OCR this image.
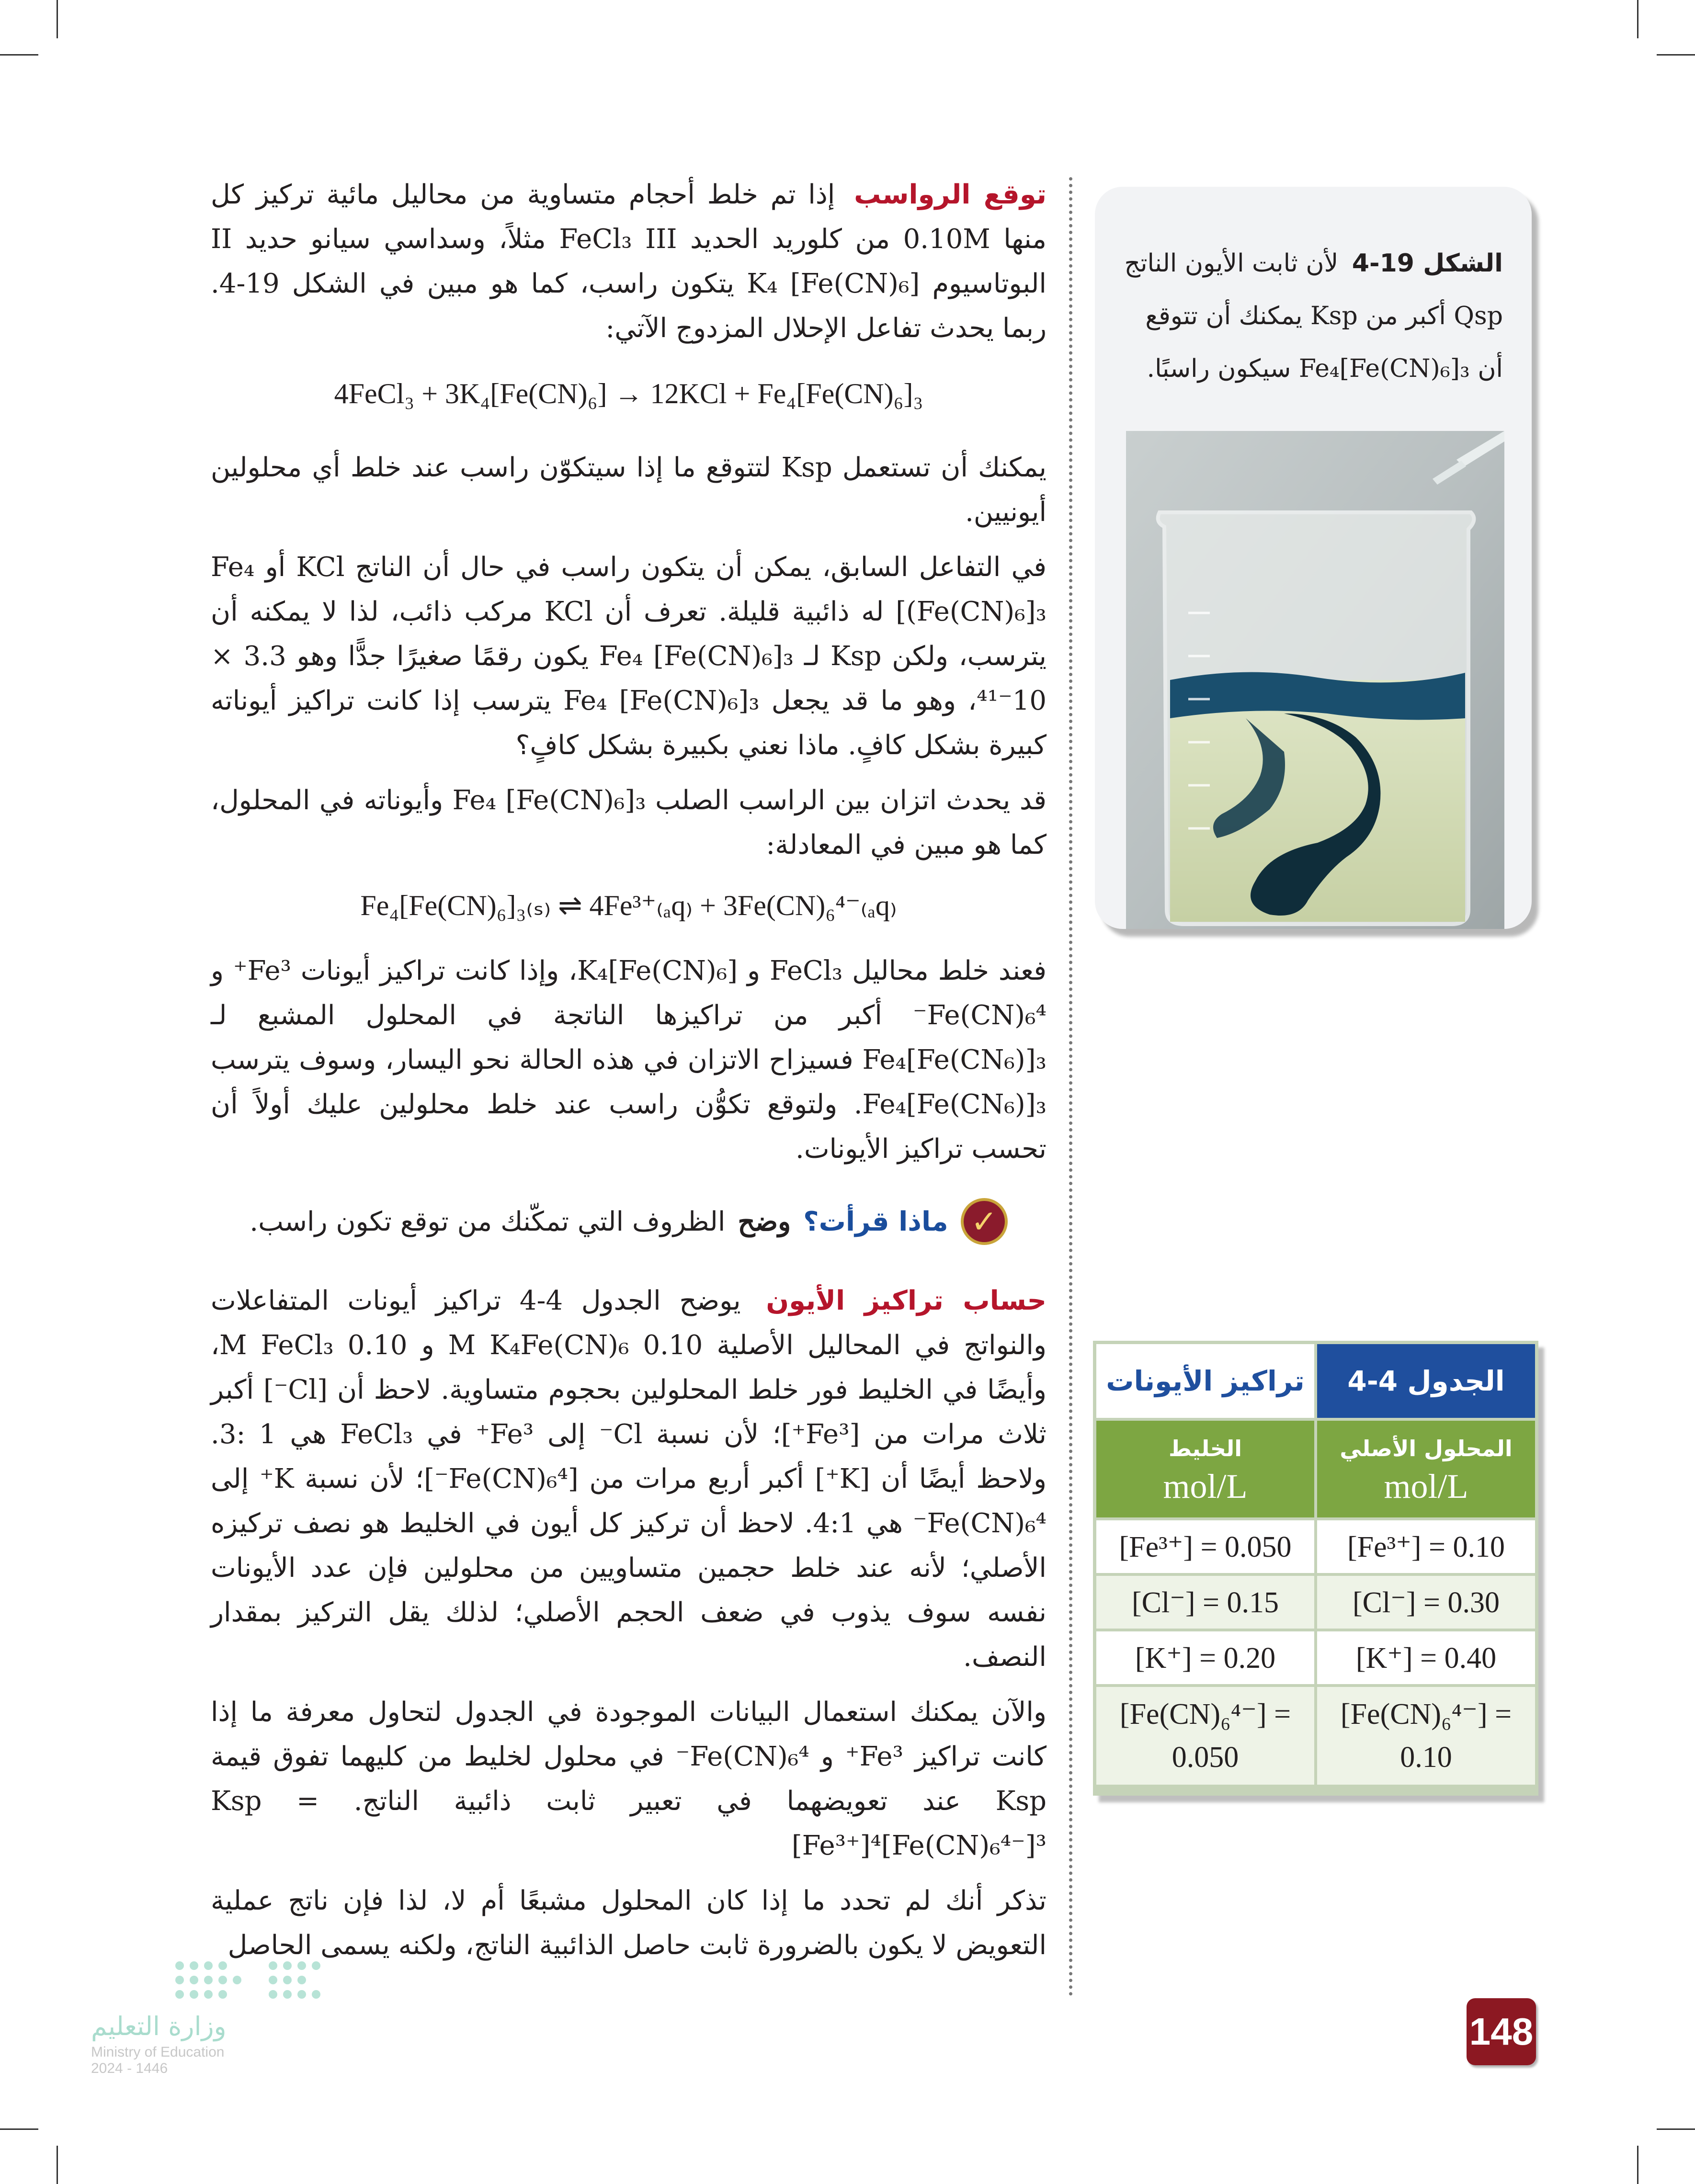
توقع الرواسب إذا تم خلط أحجام متساوية من محاليل مائية تركيز كل منها 0.10M من كلوريد الحديد FeCl₃ III مثلاً، وسداسي سيانو حديد II البوتاسيوم K₄ [Fe(CN)₆] يتكون راسب، كما هو مبين في الشكل 19-4. ربما يحدث تفاعل الإحلال المزدوج الآتي:

4FeCl₃ + 3K₄[Fe(CN)₆] → 12KCl + Fe₄[Fe(CN)₆]₃

يمكنك أن تستعمل Ksp لتتوقع ما إذا سيتكوّن راسب عند خلط أي محلولين أيونيين.

في التفاعل السابق، يمكن أن يتكون راسب في حال أن الناتج KCl أو Fe₄ [(Fe(CN)₆]₃ له ذائبية قليلة. تعرف أن KCl مركب ذائب، لذا لا يمكنه أن يترسب، ولكن Ksp لـ Fe₄ [Fe(CN)₆]₃ يكون رقمًا صغيرًا جدًّا وهو 3.3 × 10⁻⁴¹، وهو ما قد يجعل Fe₄ [Fe(CN)₆]₃ يترسب إذا كانت تراكيز أيوناته كبيرة بشكل كافٍ. ماذا نعني بكبيرة بشكل كافٍ؟

قد يحدث اتزان بين الراسب الصلب Fe₄ [Fe(CN)₆]₃ وأيوناته في المحلول، كما هو مبين في المعادلة:

Fe₄[Fe(CN)₆]₃₍ₛ₎ ⇌ 4Fe³⁺₍ₐq₎ + 3Fe(CN)₆⁴⁻₍ₐq₎

فعند خلط محاليل FeCl₃ و K₄[Fe(CN)₆]، وإذا كانت تراكيز أيونات Fe³⁺ و Fe(CN)₆⁴⁻ أكبر من تراكيزها الناتجة في المحلول المشبع لـ Fe₄[Fe(CN₆)]₃ فسيزاح الاتزان في هذه الحالة نحو اليسار، وسوف يترسب Fe₄[Fe(CN₆)]₃. ولتوقع تكوُّن راسب عند خلط محلولين عليك أولاً أن تحسب تراكيز الأيونات.

✓
ماذا قرأت؟
وضح
الظروف التي تمكّنك من توقع تكون راسب.

حساب تراكيز الأيون يوضح الجدول 4-4 تراكيز أيونات المتفاعلات والنواتج في المحاليل الأصلية 0.10 M K₄Fe(CN)₆ و 0.10 M FeCl₃، وأيضًا في الخليط فور خلط المحلولين بحجوم متساوية. لاحظ أن [Cl⁻] أكبر ثلاث مرات من [Fe³⁺]؛ لأن نسبة Cl⁻ إلى Fe³⁺ في FeCl₃ هي 1 :3. ولاحظ أيضًا أن [K⁺] أكبر أربع مرات من [Fe(CN)₆⁴⁻]؛ لأن نسبة K⁺ إلى Fe(CN)₆⁴⁻ هي 4:1. لاحظ أن تركيز كل أيون في الخليط هو نصف تركيزه الأصلي؛ لأنه عند خلط حجمين متساويين من محلولين فإن عدد الأيونات نفسه سوف يذوب في ضعف الحجم الأصلي؛ لذلك يقل التركيز بمقدار النصف.

والآن يمكنك استعمال البيانات الموجودة في الجدول لتحاول معرفة ما إذا كانت تراكيز Fe³⁺ و Fe(CN)₆⁴⁻ في محلول لخليط من كليهما تفوق قيمة Ksp عند تعويضهما في تعبير ثابت ذائبية الناتج. Ksp = [Fe³⁺]⁴[Fe(CN)₆⁴⁻]³

تذكر أنك لم تحدد ما إذا كان المحلول مشبعًا أم لا، لذا فإن ناتج عملية التعويض لا يكون بالضرورة ثابت حاصل الذائبية الناتج، ولكنه يسمى الحاصل

الشكل 19-4 لأن ثابت الأيون الناتج Qsp أكبر من Ksp يمكنك أن تتوقع أن Fe₄[Fe(CN)₆]₃ سيكون راسبًا.

الجدول 4-4
تراكيز الأيونات
المحلول الأصلي
mol/L
الخليط
mol/L
[Fe³⁺] = 0.10
[Fe³⁺] = 0.050
[Cl⁻] = 0.30
[Cl⁻] = 0.15
[K⁺] = 0.40
[K⁺] = 0.20
[Fe(CN)₆⁴⁻] = 0.10
[Fe(CN)₆⁴⁻] = 0.050
148
وزارة التعليم
Ministry of Education
2024 - 1446
